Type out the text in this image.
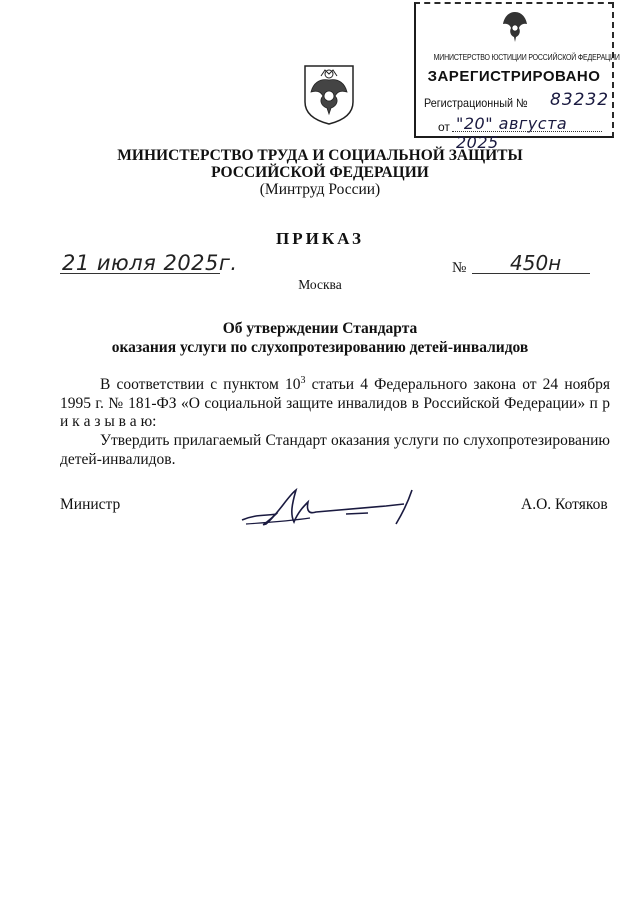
МИНИСТЕРСТВО ЮСТИЦИИ РОССИЙСКОЙ ФЕДЕРАЦИИ
ЗАРЕГИСТРИРОВАНО
Регистрационный № 83232
от "20" августа 2025
МИНИСТЕРСТВО ТРУДА И СОЦИАЛЬНОЙ ЗАЩИТЫ
РОССИЙСКОЙ ФЕДЕРАЦИИ
(Минтруд России)
ПРИКАЗ
21 июля 2025г.	№ 450н
Москва
Об утверждении Стандарта
оказания услуги по слухопротезированию детей-инвалидов
В соответствии с пунктом $10^3$ статьи 4 Федерального закона от 24 ноября 1995 г. № 181-ФЗ «О социальной защите инвалидов в Российской Федерации» п р и к а з ы в а ю:
Утвердить прилагаемый Стандарт оказания услуги по слухопротезированию детей-инвалидов.
Министр	А.О. Котяков
